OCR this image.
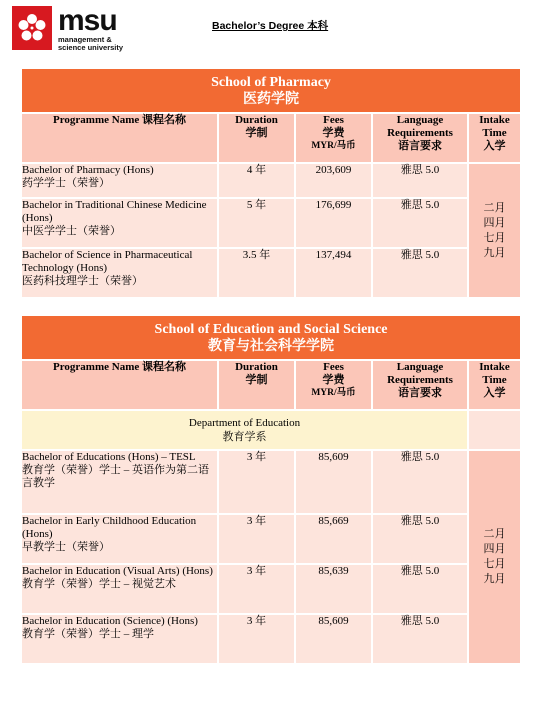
msu
management &
science university
Bachelor’s Degree 本科
School of Pharmacy
医药学院				

Programme Name 课程名称	Duration
学制	Fees
学费
MYR/马币	Language
Requirements
语言要求	Intake
Time
入学

Bachelor of Pharmacy (Hons)
药学学士（荣誉）	4 年	203,609	雅思 5.0	二月
四月
七月
九月

Bachelor in Traditional Chinese Medicine (Hons)
中医学学士（荣誉）	5 年	176,699	雅思 5.0	

Bachelor of Science in Pharmaceutical Technology (Hons)
医药科技理学士（荣誉）	3.5 年	137,494	雅思 5.0	
School of Education and Social Science
教育与社会科学学院				

Programme Name 课程名称	Duration
学制	Fees
学费
MYR/马币	Language
Requirements
语言要求	Intake
Time
入学

Department of Education
教育学系				

Bachelor of Educations (Hons) – TESL
教育学（荣誉）学士 – 英语作为第二语言教学	3 年	85,609	雅思 5.0	二月
四月
七月
九月

Bachelor in Early Childhood Education (Hons)
早教学士（荣誉）	3 年	85,669	雅思 5.0	

Bachelor in Education (Visual Arts) (Hons)
教育学（荣誉）学士 – 视觉艺术	3 年	85,639	雅思 5.0	

Bachelor in Education (Science) (Hons)
教育学（荣誉）学士 – 理学	3 年	85,609	雅思 5.0	
